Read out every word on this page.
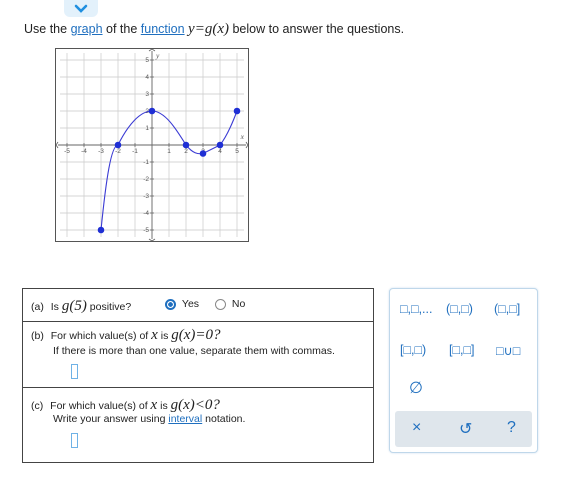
Use the graph of the function y=g(x) below to answer the questions.
-5 -4 -3 -2 -1	1 2	4 5
5
4
3
2
1
-1
-2
-3
-4
-5
x
y
(a) Is g(5) positive?	Yes	No
(b) For which value(s) of x is g(x)=0?
If there is more than one value, separate them with commas.
(c) For which value(s) of x is g(x)<0?
Write your answer using interval notation.
□,□,... (□,□) (□,□]
[□,□) [□,□] □∪□
∅
× ↺ ?
